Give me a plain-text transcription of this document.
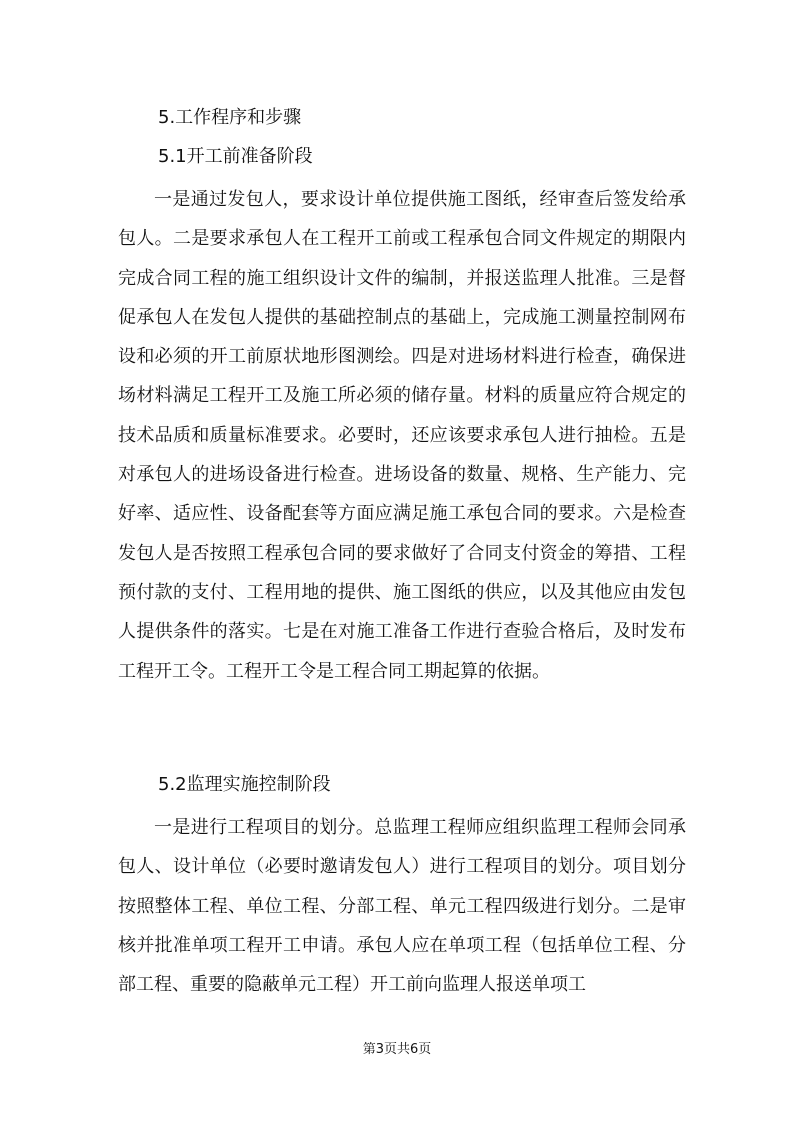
5.工作程序和步骤
5.1开工前准备阶段
一是通过发包人，要求设计单位提供施工图纸，经审查后签发给承包人。二是要求承包人在工程开工前或工程承包合同文件规定的期限内完成合同工程的施工组织设计文件的编制，并报送监理人批准。三是督促承包人在发包人提供的基础控制点的基础上，完成施工测量控制网布设和必须的开工前原状地形图测绘。四是对进场材料进行检查，确保进场材料满足工程开工及施工所必须的储存量。材料的质量应符合规定的技术品质和质量标准要求。必要时，还应该要求承包人进行抽检。五是对承包人的进场设备进行检查。进场设备的数量、规格、生产能力、完好率、适应性、设备配套等方面应满足施工承包合同的要求。六是检查发包人是否按照工程承包合同的要求做好了合同支付资金的筹措、工程预付款的支付、工程用地的提供、施工图纸的供应，以及其他应由发包人提供条件的落实。七是在对施工准备工作进行查验合格后，及时发布工程开工令。工程开工令是工程合同工期起算的依据。
5.2监理实施控制阶段
一是进行工程项目的划分。总监理工程师应组织监理工程师会同承包人、设计单位（必要时邀请发包人）进行工程项目的划分。项目划分按照整体工程、单位工程、分部工程、单元工程四级进行划分。二是审核并批准单项工程开工申请。承包人应在单项工程（包括单位工程、分部工程、重要的隐蔽单元工程）开工前向监理人报送单项工
第3页共6页
